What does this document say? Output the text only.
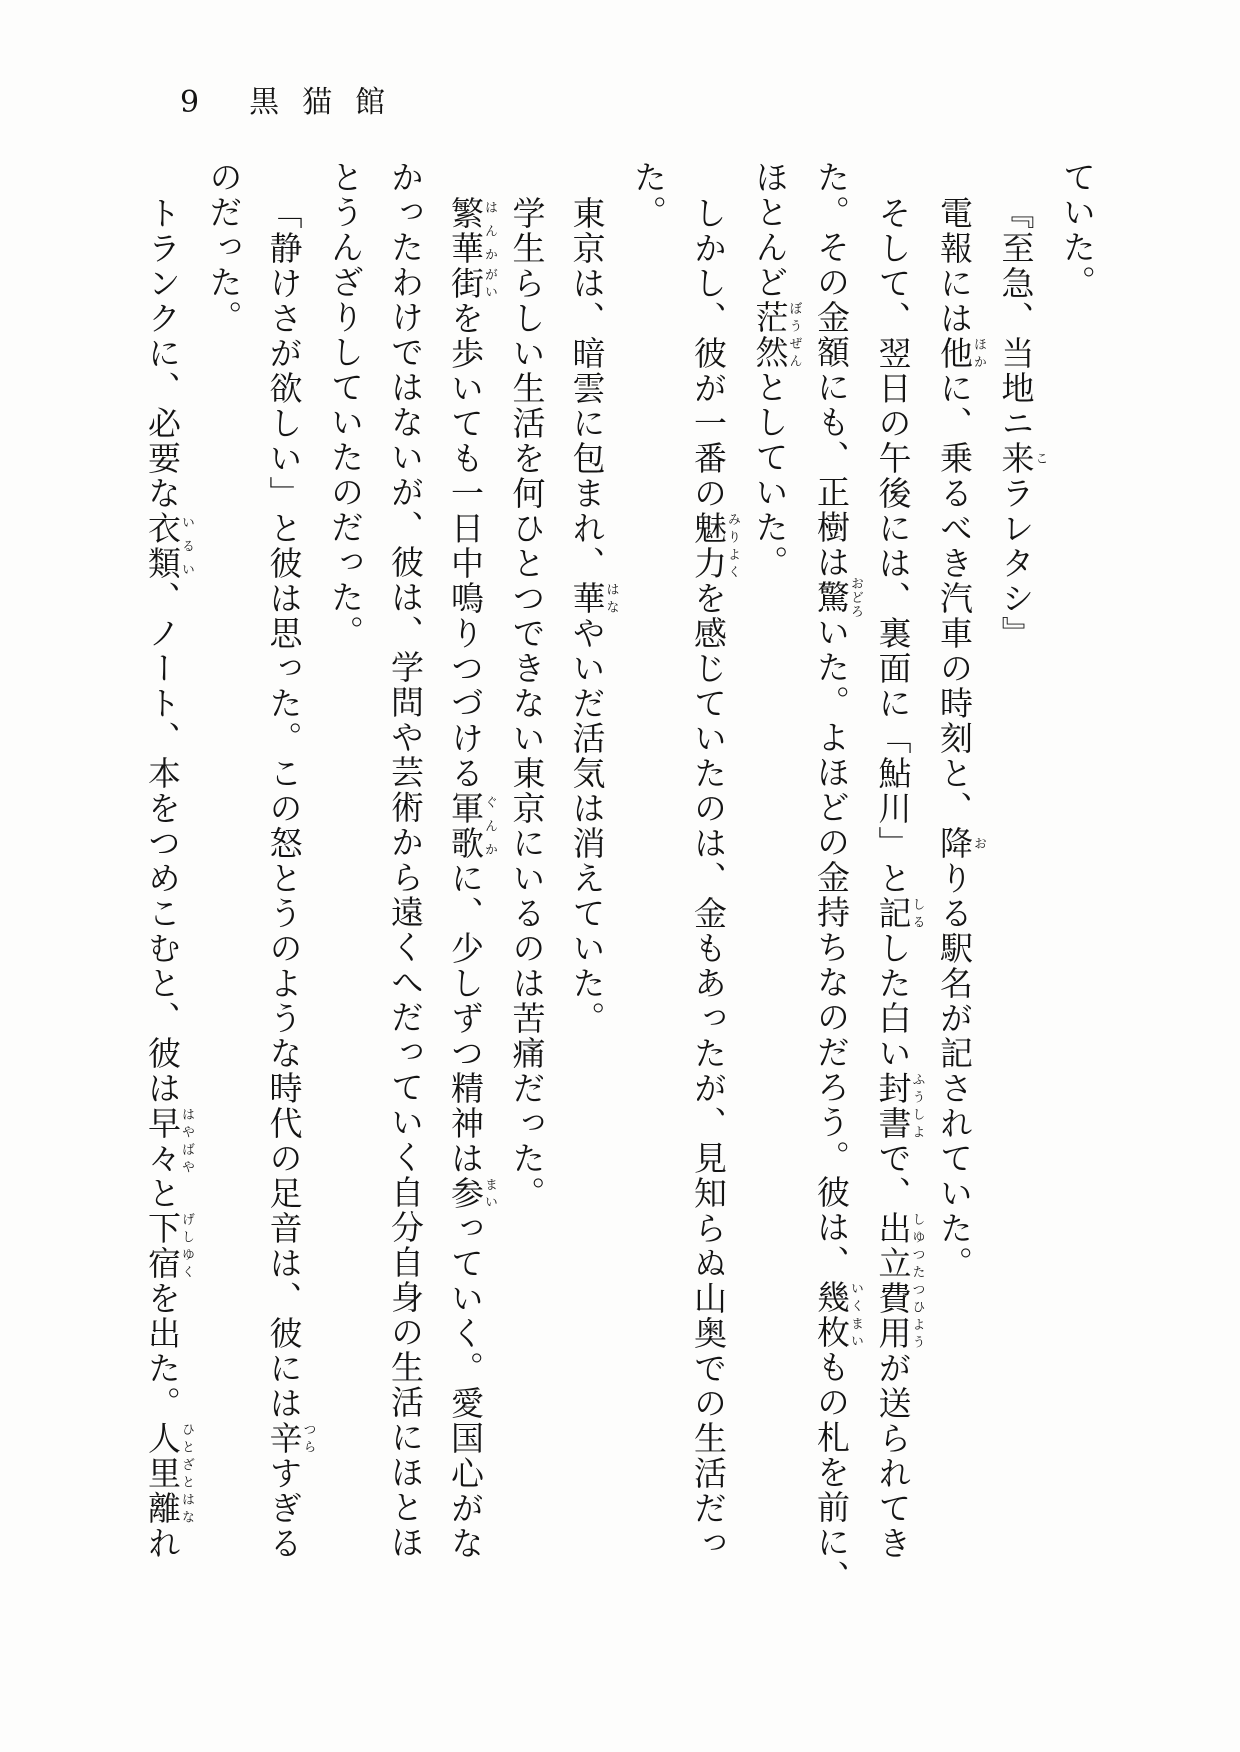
9 黒猫館
ていた。
『至急、当地ニ来こラレタシ』
電報には他ほかに、乗るべき汽車の時刻と、降おりる駅名が記されていた。
そして、翌日の午後には、裏面に「鮎川」と記しるした白い封書ふうしよで、出立費用しゆつたつひようが送られてき
た。その金額にも、正樹は驚おどろいた。よほどの金持ちなのだろう。彼は、幾枚いくまいもの札を前に、
ほとんど茫然ぼうぜんとしていた。
しかし、彼が一番の魅力みりよくを感じていたのは、金もあったが、見知らぬ山奥での生活だっ
た。
東京は、暗雲に包まれ、華はなやいだ活気は消えていた。
学生らしい生活を何ひとつできない東京にいるのは苦痛だった。
繁華はんか街がいを歩いても一日中鳴りつづける軍歌ぐんかに、少しずつ精神は参まいっていく。愛国心がな
かったわけではないが、彼は、学問や芸術から遠くへだっていく自分自身の生活にほとほ
とうんざりしていたのだった。
「静けさが欲しい」と彼は思った。この怒とうのような時代の足音は、彼には辛つらすぎる
のだった。
トランクに、必要な衣類いるい、ノート、本をつめこむと、彼は早々はやばやと下宿げしゆくを出た。人里ひとざと離はなれ
